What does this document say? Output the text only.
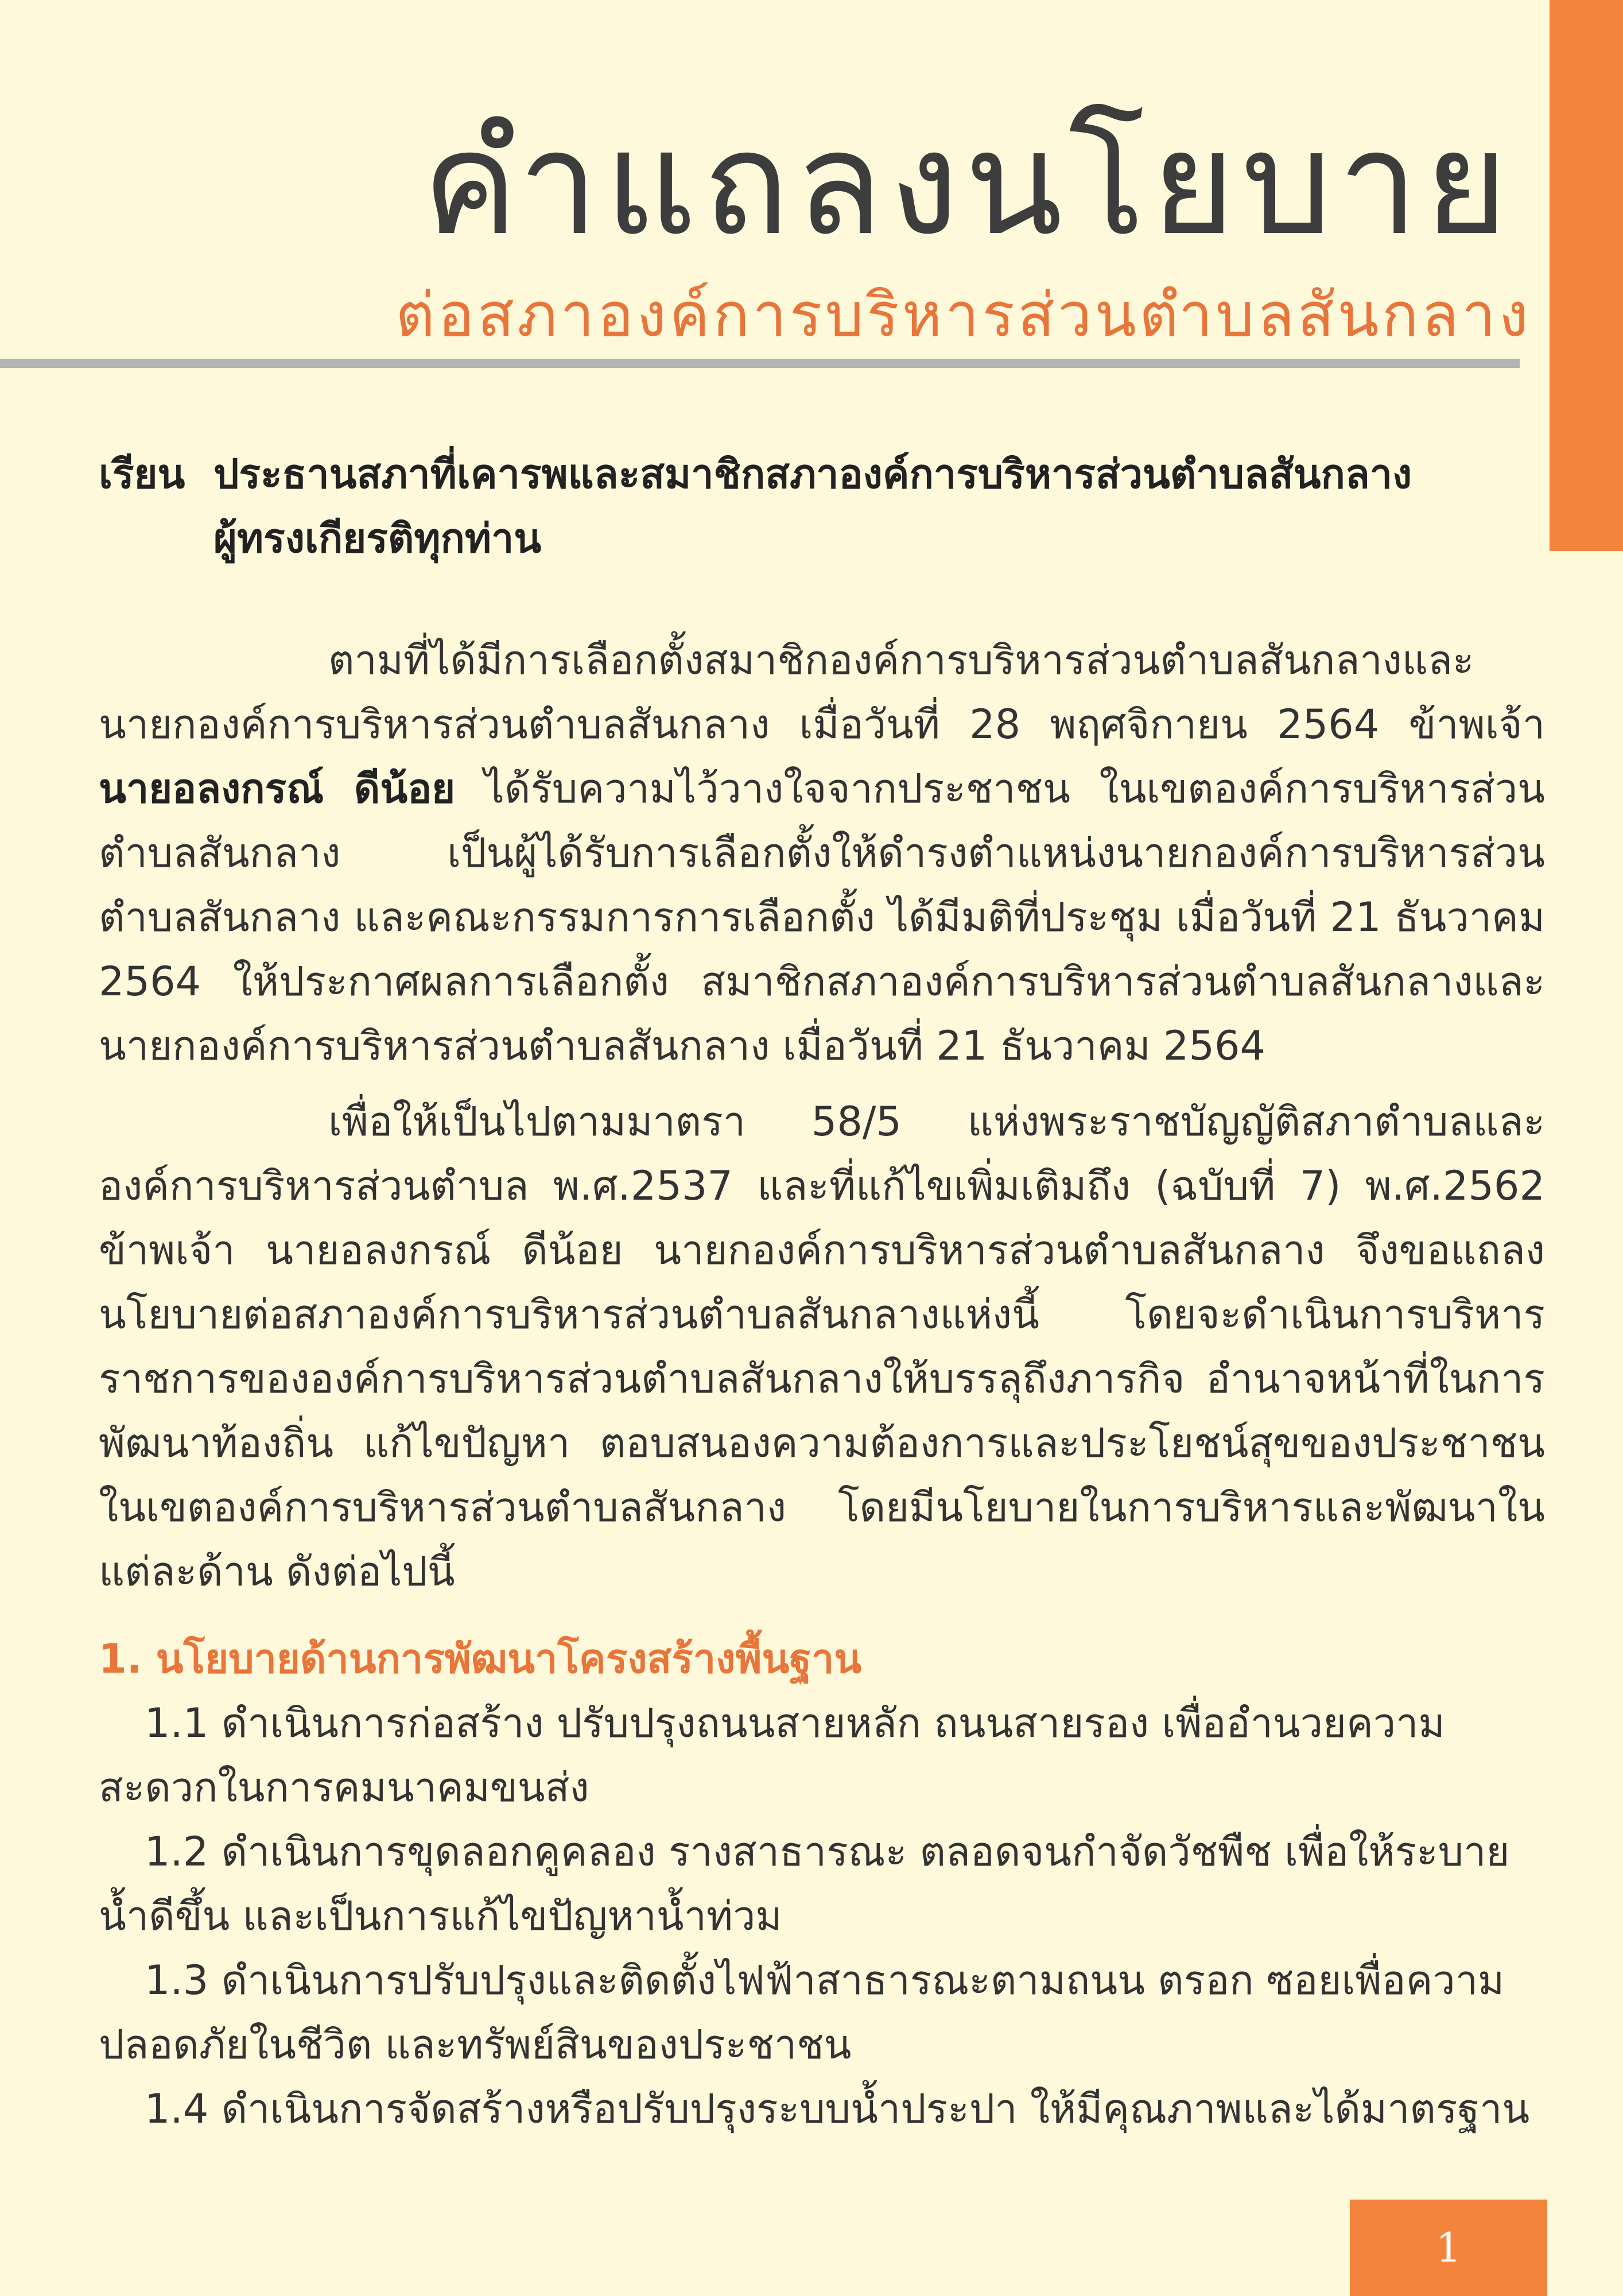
คำแถลงนโยบาย
ต่อสภาองค์การบริหารส่วนตำบลสันกลาง
เรียน ประธานสภาที่เคารพและสมาชิกสภาองค์การบริหารส่วนตำบลสันกลาง
ผู้ทรงเกียรติทุกท่าน

ตามที่ได้มีการเลือกตั้งสมาชิกองค์การบริหารส่วนตำบลสันกลางและนายกองค์การบริหารส่วนตำบลสันกลาง เมื่อวันที่ 28 พฤศจิกายน 2564 ข้าพเจ้า นายอลงกรณ์ ดีน้อย ได้รับความไว้วางใจจากประชาชน ในเขตองค์การบริหารส่วนตำบลสันกลาง เป็นผู้ได้รับการเลือกตั้งให้ดำรงตำแหน่งนายกองค์การบริหารส่วนตำบลสันกลาง และคณะกรรมการการเลือกตั้ง ได้มีมติที่ประชุม เมื่อวันที่ 21 ธันวาคม 2564 ให้ประกาศผลการเลือกตั้ง สมาชิกสภาองค์การบริหารส่วนตำบลสันกลางและนายกองค์การบริหารส่วนตำบลสันกลาง เมื่อวันที่ 21 ธันวาคม 2564

เพื่อให้เป็นไปตามมาตรา 58/5 แห่งพระราชบัญญัติสภาตำบลและองค์การบริหารส่วนตำบล พ.ศ.2537 และที่แก้ไขเพิ่มเติมถึง (ฉบับที่ 7) พ.ศ.2562 ข้าพเจ้า นายอลงกรณ์ ดีน้อย นายกองค์การบริหารส่วนตำบลสันกลาง จึงขอแถลงนโยบายต่อสภาองค์การบริหารส่วนตำบลสันกลางแห่งนี้ โดยจะดำเนินการบริหารราชการขององค์การบริหารส่วนตำบลสันกลางให้บรรลุถึงภารกิจ อำนาจหน้าที่ในการพัฒนาท้องถิ่น แก้ไขปัญหา ตอบสนองความต้องการและประโยชน์สุขของประชาชนในเขตองค์การบริหารส่วนตำบลสันกลาง โดยมีนโยบายในการบริหารและพัฒนาในแต่ละด้าน ดังต่อไปนี้

1. นโยบายด้านการพัฒนาโครงสร้างพื้นฐาน

1.1 ดำเนินการก่อสร้าง ปรับปรุงถนนสายหลัก ถนนสายรอง เพื่ออำนวยความสะดวกในการคมนาคมขนส่ง

1.2 ดำเนินการขุดลอกคูคลอง รางสาธารณะ ตลอดจนกำจัดวัชพืช เพื่อให้ระบายน้ำดีขึ้น และเป็นการแก้ไขปัญหาน้ำท่วม

1.3 ดำเนินการปรับปรุงและติดตั้งไฟฟ้าสาธารณะตามถนน ตรอก ซอยเพื่อความปลอดภัยในชีวิต และทรัพย์สินของประชาชน

1.4 ดำเนินการจัดสร้างหรือปรับปรุงระบบน้ำประปา ให้มีคุณภาพและได้มาตรฐาน

1
